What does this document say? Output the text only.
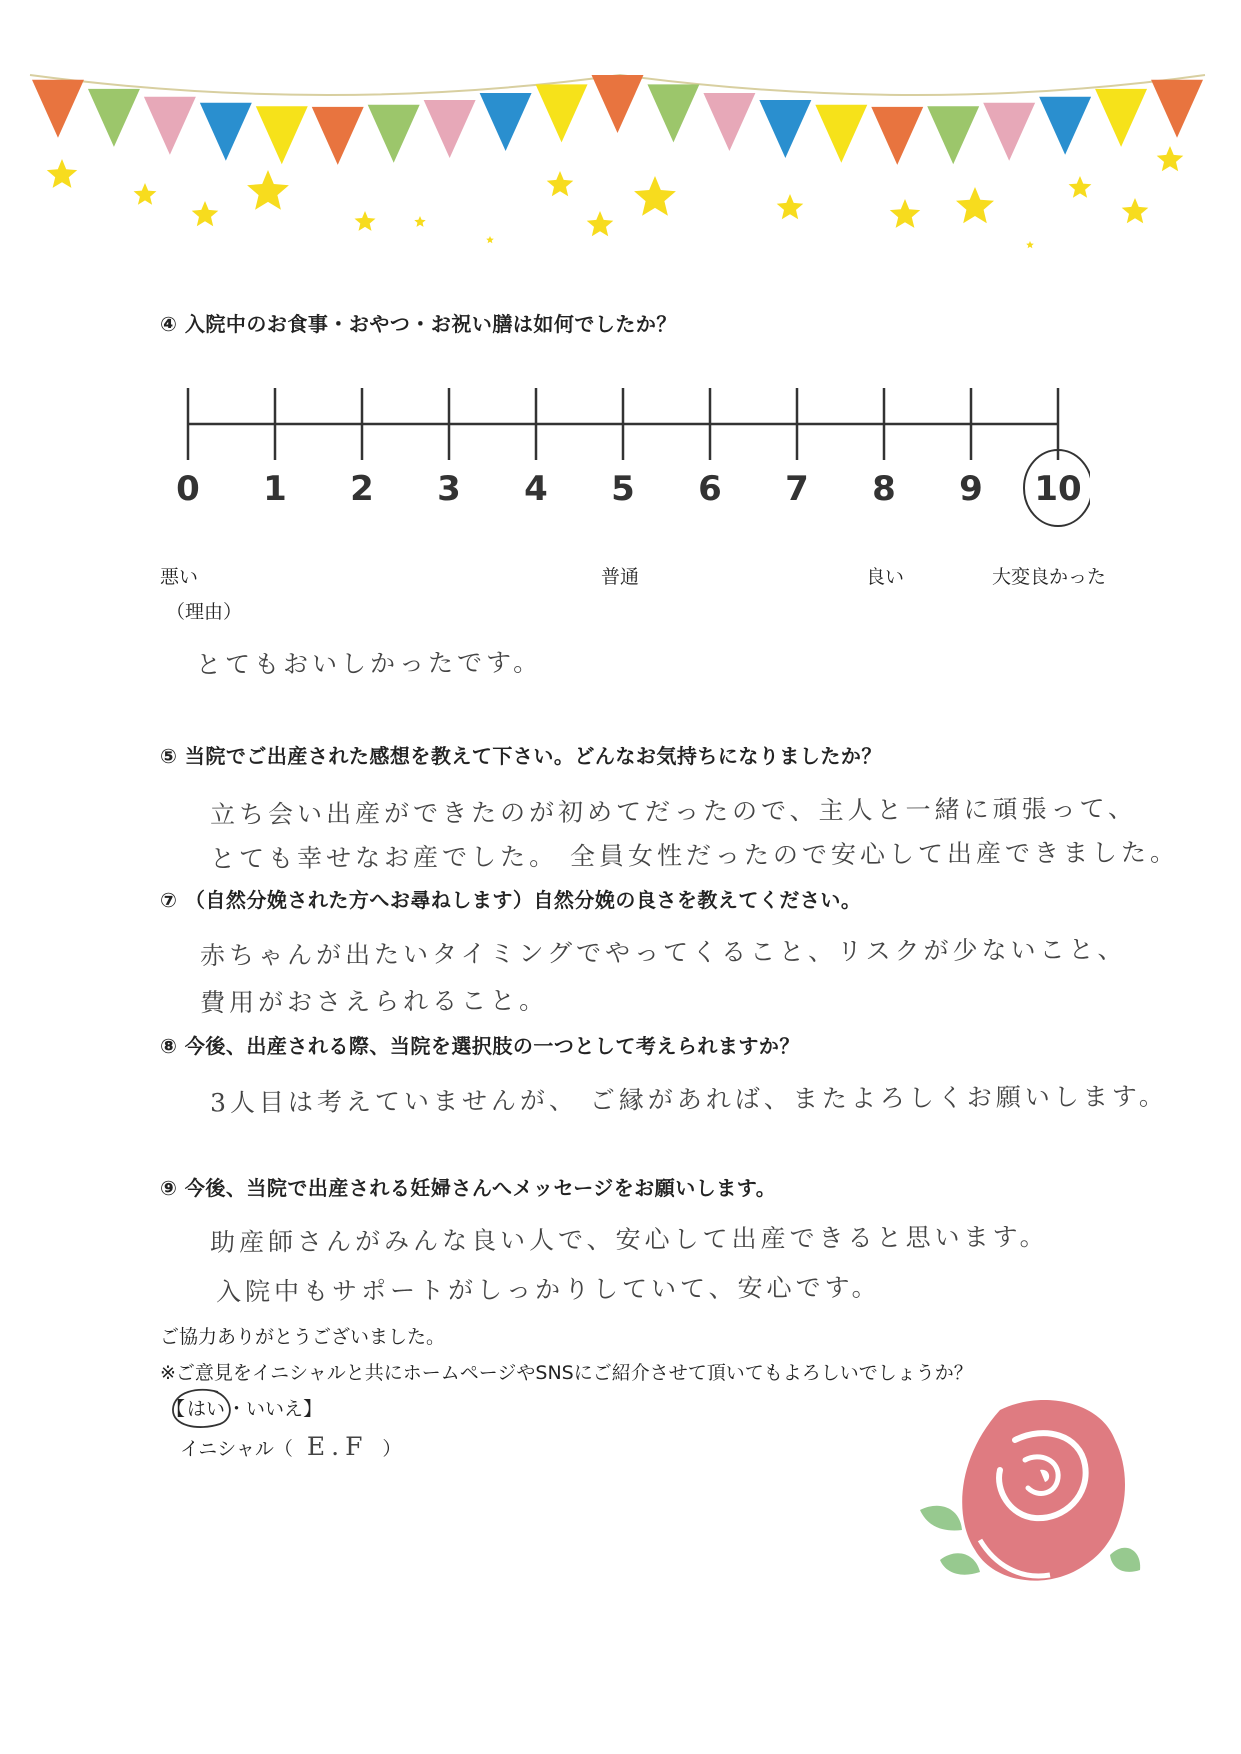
④ 入院中のお食事・おやつ・お祝い膳は如何でしたか？
0 1 2 3 4 5 6 7 8 9 10
悪い	普通	良い	大変良かった
（理由）
とてもおいしかったです。
⑤ 当院でご出産された感想を教えて下さい。どんなお気持ちになりましたか？
立ち会い出産ができたのが初めてだったので、主人と一緒に頑張って、
とても幸せなお産でした。 全員女性だったので安心して出産できました。
⑦ （自然分娩された方へお尋ねします）自然分娩の良さを教えてください。
赤ちゃんが出たいタイミングでやってくること、リスクが少ないこと、
費用がおさえられること。
⑧ 今後、出産される際、当院を選択肢の一つとして考えられますか？
3人目は考えていませんが、 ご縁があれば、またよろしくお願いします。
⑨ 今後、当院で出産される妊婦さんへメッセージをお願いします。
助産師さんがみんな良い人で、安心して出産できると思います。
入院中もサポートがしっかりしていて、安心です。
ご協力ありがとうございました。
※ご意見をイニシャルと共にホームページやSNSにご紹介させて頂いてもよろしいでしょうか？
【 はい ・いいえ】
イニシャル（ E.F ）
